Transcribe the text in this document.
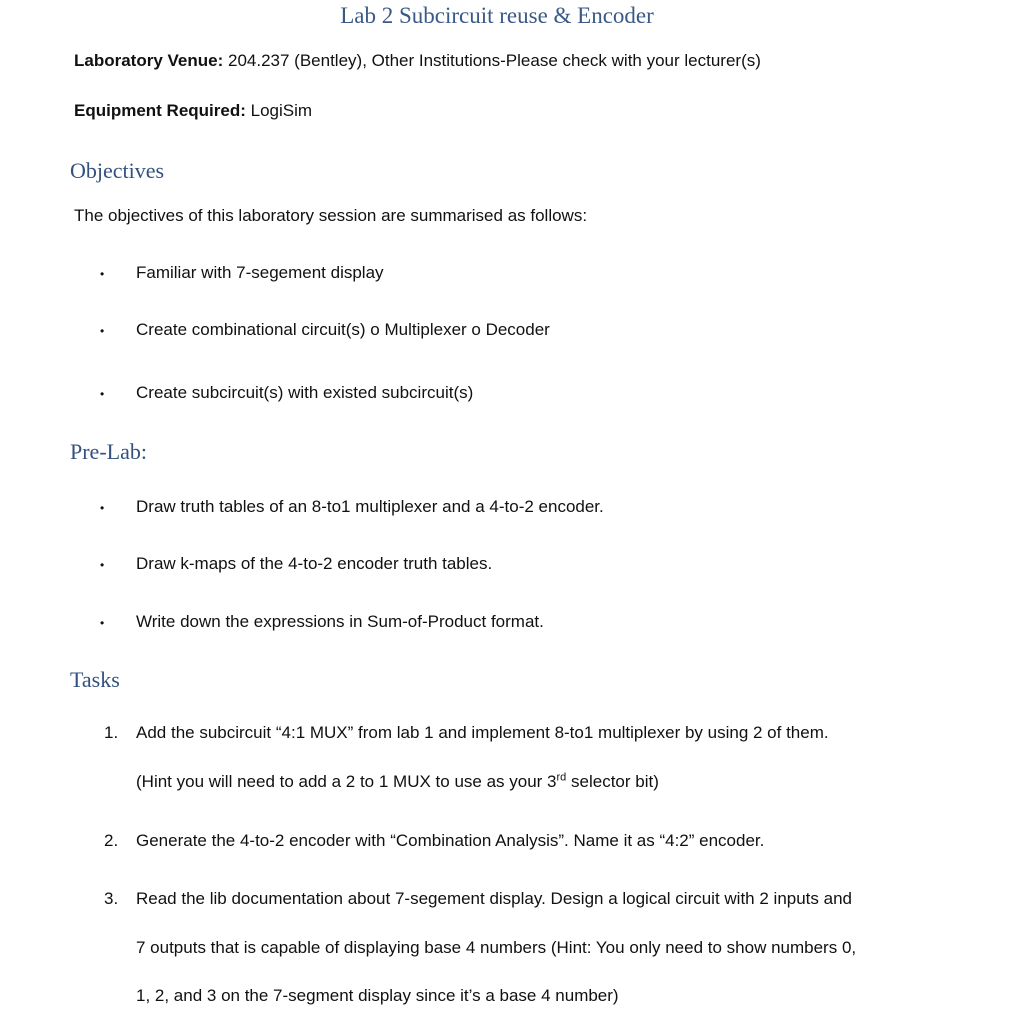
Lab 2 Subcircuit reuse & Encoder
Laboratory Venue: 204.237 (Bentley), Other Institutions-Please check with your lecturer(s)
Equipment Required: LogiSim
Objectives
The objectives of this laboratory session are summarised as follows:
• Familiar with 7-segement display
• Create combinational circuit(s) o Multiplexer o Decoder
• Create subcircuit(s) with existed subcircuit(s)
Pre-Lab:
• Draw truth tables of an 8-to1 multiplexer and a 4-to-2 encoder.
• Draw k-maps of the 4-to-2 encoder truth tables.
• Write down the expressions in Sum-of-Product format.
Tasks
1. Add the subcircuit “4:1 MUX” from lab 1 and implement 8-to1 multiplexer by using 2 of them.
(Hint you will need to add a 2 to 1 MUX to use as your 3rd selector bit)
2. Generate the 4-to-2 encoder with “Combination Analysis”. Name it as “4:2” encoder.
3. Read the lib documentation about 7-segement display. Design a logical circuit with 2 inputs and
7 outputs that is capable of displaying base 4 numbers (Hint: You only need to show numbers 0,
1, 2, and 3 on the 7-segment display since it’s a base 4 number)
